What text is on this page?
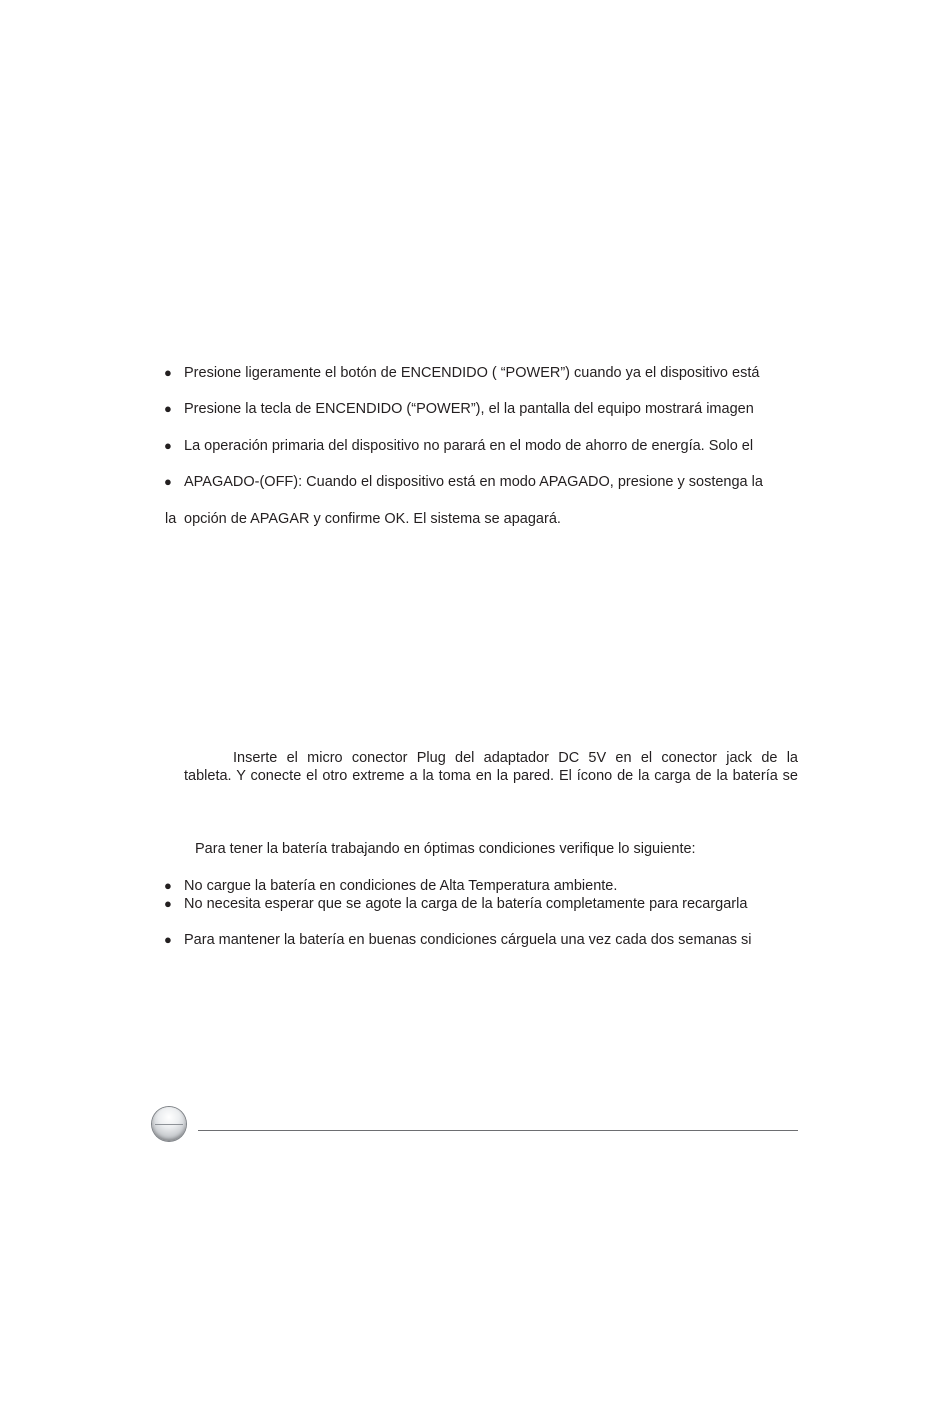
● Presione ligeramente el botón de ENCENDIDO ( “POWER”) cuando ya el dispositivo está
● Presione la tecla de ENCENDIDO (“POWER”), el la pantalla del equipo mostrará imagen
● La operación primaria del dispositivo no parará en el modo de ahorro de energía. Solo el
● APAGADO-(OFF): Cuando el dispositivo está en modo APAGADO, presione y sostenga la
la opción de APAGAR y confirme OK. El sistema se apagará.
Inserte el micro conector Plug del adaptador DC 5V en el conector jack de la
tableta. Y conecte el otro extreme a la toma en la pared. El ícono de la carga de la batería se
Para tener la batería trabajando en óptimas condiciones verifique lo siguiente:
● No cargue la batería en condiciones de Alta Temperatura ambiente.
● No necesita esperar que se agote la carga de la batería completamente para recargarla
● Para mantener la batería en buenas condiciones cárguela una vez cada dos semanas si
